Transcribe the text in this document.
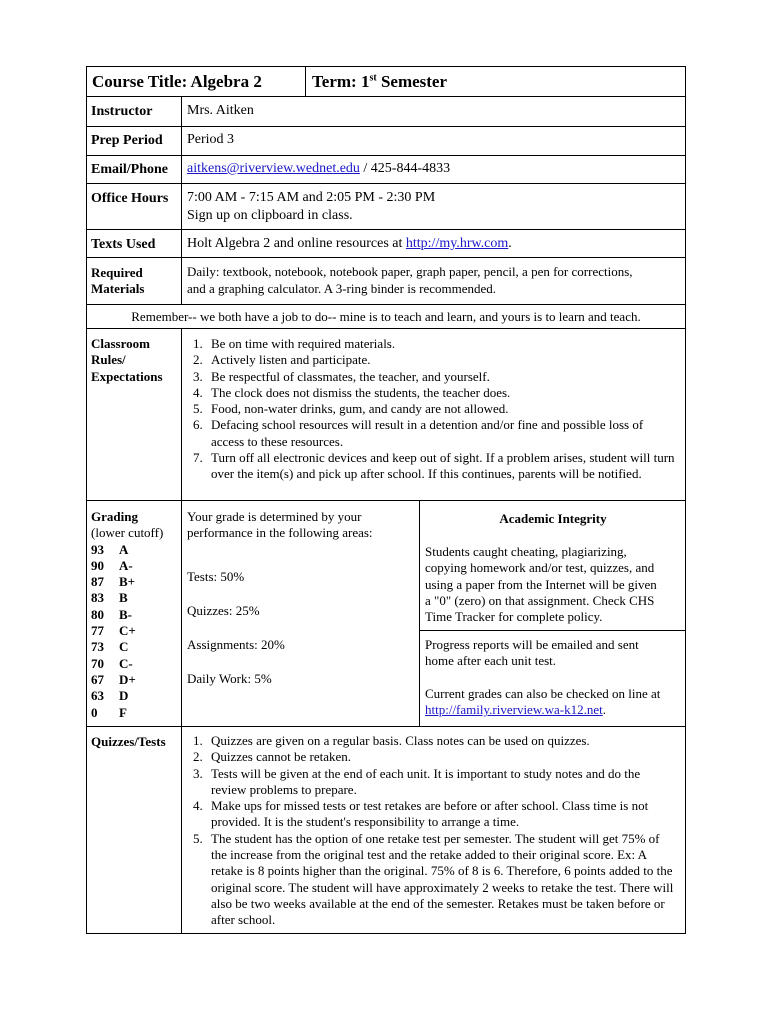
Course Title: Algebra 2	Term: 1st Semester
Instructor Mrs. Aitken
Prep Period Period 3
Email/Phone aitkens@riverview.wednet.edu / 425-844-4833
Office Hours 7:00 AM - 7:15 AM and 2:05 PM - 2:30 PM
Sign up on clipboard in class.
Texts Used Holt Algebra 2 and online resources at http://my.hrw.com.
Required
Materials
Daily: textbook, notebook, notebook paper, graph paper, pencil, a pen for corrections,
and a graphing calculator. A 3-ring binder is recommended.
Remember-- we both have a job to do-- mine is to teach and learn, and yours is to learn and teach.
Classroom
Rules/
Expectations
1. Be on time with required materials.
2. Actively listen and participate.
3. Be respectful of classmates, the teacher, and yourself.
4. The clock does not dismiss the students, the teacher does.
5. Food, non-water drinks, gum, and candy are not allowed.
6. Defacing school resources will result in a detention and/or fine and possible loss of access to these resources.
7. Turn off all electronic devices and keep out of sight. If a problem arises, student will turn over the item(s) and pick up after school. If this continues, parents will be notified.
Grading
(lower cutoff)
93 A
90 A-
87 B+
83 B
80 B-
77 C+
73 C
70 C-
67 D+
63 D
0 F
Your grade is determined by your
performance in the following areas:
Tests: 50%
Quizzes: 25%
Assignments: 20%
Daily Work: 5%
Academic Integrity
Students caught cheating, plagiarizing,
copying homework and/or test, quizzes, and
using a paper from the Internet will be given
a "0" (zero) on that assignment. Check CHS
Time Tracker for complete policy.
Progress reports will be emailed and sent
home after each unit test.
Current grades can also be checked on line at
http://family.riverview.wa-k12.net.
Quizzes/Tests 1. Quizzes are given on a regular basis. Class notes can be used on quizzes.
2. Quizzes cannot be retaken.
3. Tests will be given at the end of each unit. It is important to study notes and do the review problems to prepare.
4. Make ups for missed tests or test retakes are before or after school. Class time is not provided. It is the student's responsibility to arrange a time.
5. The student has the option of one retake test per semester. The student will get 75% of the increase from the original test and the retake added to their original score. Ex: A retake is 8 points higher than the original. 75% of 8 is 6. Therefore, 6 points added to the original score. The student will have approximately 2 weeks to retake the test. There will also be two weeks available at the end of the semester. Retakes must be taken before or after school.
